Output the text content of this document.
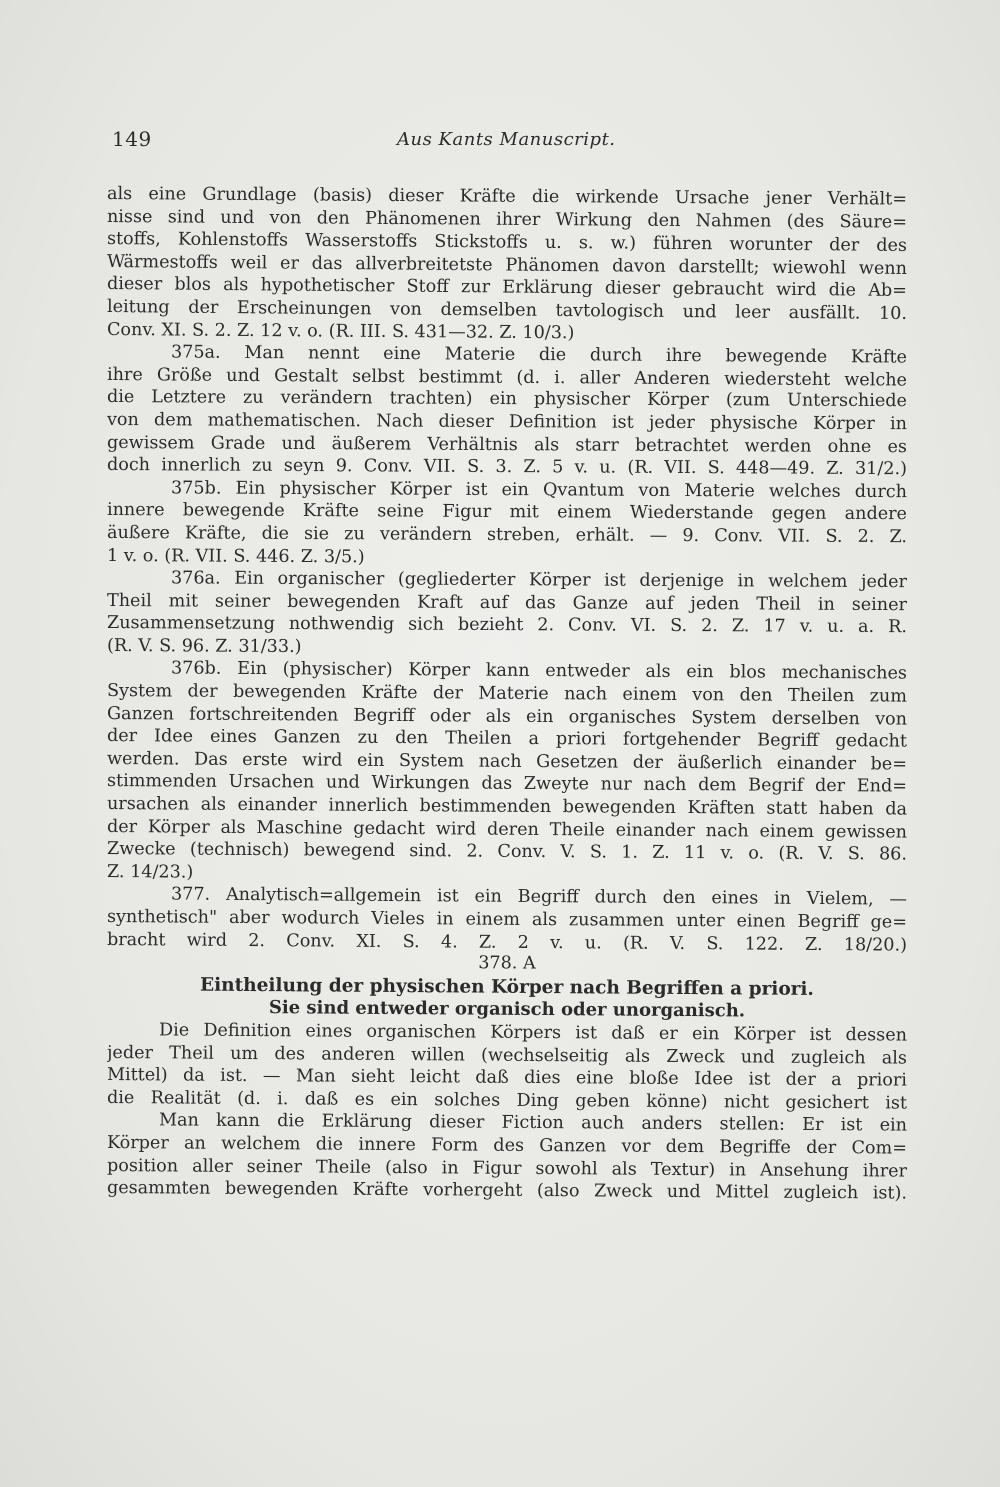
149	Aus Kants Manuscript.
als eine Grundlage (basis) dieser Kräfte die wirkende Ursache jener Verhält=
nisse sind und von den Phänomenen ihrer Wirkung den Nahmen (des Säure=
stoffs, Kohlenstoffs Wasserstoffs Stickstoffs u. s. w.) führen worunter der des
Wärmestoffs weil er das allverbreitetste Phänomen davon darstellt; wiewohl wenn
dieser blos als hypothetischer Stoff zur Erklärung dieser gebraucht wird die Ab=
leitung der Erscheinungen von demselben tavtologisch und leer ausfällt. 10.
Conv. XI. S. 2. Z. 12 v. o. (R. III. S. 431—32. Z. 10/3.)
375a. Man nennt eine Materie die durch ihre bewegende Kräfte
ihre Größe und Gestalt selbst bestimmt (d. i. aller Anderen wiedersteht welche
die Letztere zu verändern trachten) ein physischer Körper (zum Unterschiede
von dem mathematischen. Nach dieser Definition ist jeder physische Körper in
gewissem Grade und äußerem Verhältnis als starr betrachtet werden ohne es
doch innerlich zu seyn 9. Conv. VII. S. 3. Z. 5 v. u. (R. VII. S. 448—49. Z. 31/2.)
375b. Ein physischer Körper ist ein Qvantum von Materie welches durch
innere bewegende Kräfte seine Figur mit einem Wiederstande gegen andere
äußere Kräfte, die sie zu verändern streben, erhält. — 9. Conv. VII. S. 2. Z.
1 v. o. (R. VII. S. 446. Z. 3/5.)
376a. Ein organischer (gegliederter Körper ist derjenige in welchem jeder
Theil mit seiner bewegenden Kraft auf das Ganze auf jeden Theil in seiner
Zusammensetzung nothwendig sich bezieht 2. Conv. VI. S. 2. Z. 17 v. u. a. R.
(R. V. S. 96. Z. 31/33.)
376b. Ein (physischer) Körper kann entweder als ein blos mechanisches
System der bewegenden Kräfte der Materie nach einem von den Theilen zum
Ganzen fortschreitenden Begriff oder als ein organisches System derselben von
der Idee eines Ganzen zu den Theilen a priori fortgehender Begriff gedacht
werden. Das erste wird ein System nach Gesetzen der äußerlich einander be=
stimmenden Ursachen und Wirkungen das Zweyte nur nach dem Begrif der End=
ursachen als einander innerlich bestimmenden bewegenden Kräften statt haben da
der Körper als Maschine gedacht wird deren Theile einander nach einem gewissen
Zwecke (technisch) bewegend sind. 2. Conv. V. S. 1. Z. 11 v. o. (R. V. S. 86.
Z. 14/23.)
377. Analytisch=allgemein ist ein Begriff durch den eines in Vielem, —
synthetisch" aber wodurch Vieles in einem als zusammen unter einen Begriff ge=
bracht wird 2. Conv. XI. S. 4. Z. 2 v. u. (R. V. S. 122. Z. 18/20.)
378. A
Eintheilung der physischen Körper nach Begriffen a priori.
Sie sind entweder organisch oder unorganisch.
Die Definition eines organischen Körpers ist daß er ein Körper ist dessen
jeder Theil um des anderen willen (wechselseitig als Zweck und zugleich als
Mittel) da ist. — Man sieht leicht daß dies eine bloße Idee ist der a priori
die Realität (d. i. daß es ein solches Ding geben könne) nicht gesichert ist
Man kann die Erklärung dieser Fiction auch anders stellen: Er ist ein
Körper an welchem die innere Form des Ganzen vor dem Begriffe der Com=
position aller seiner Theile (also in Figur sowohl als Textur) in Ansehung ihrer
gesammten bewegenden Kräfte vorhergeht (also Zweck und Mittel zugleich ist).
